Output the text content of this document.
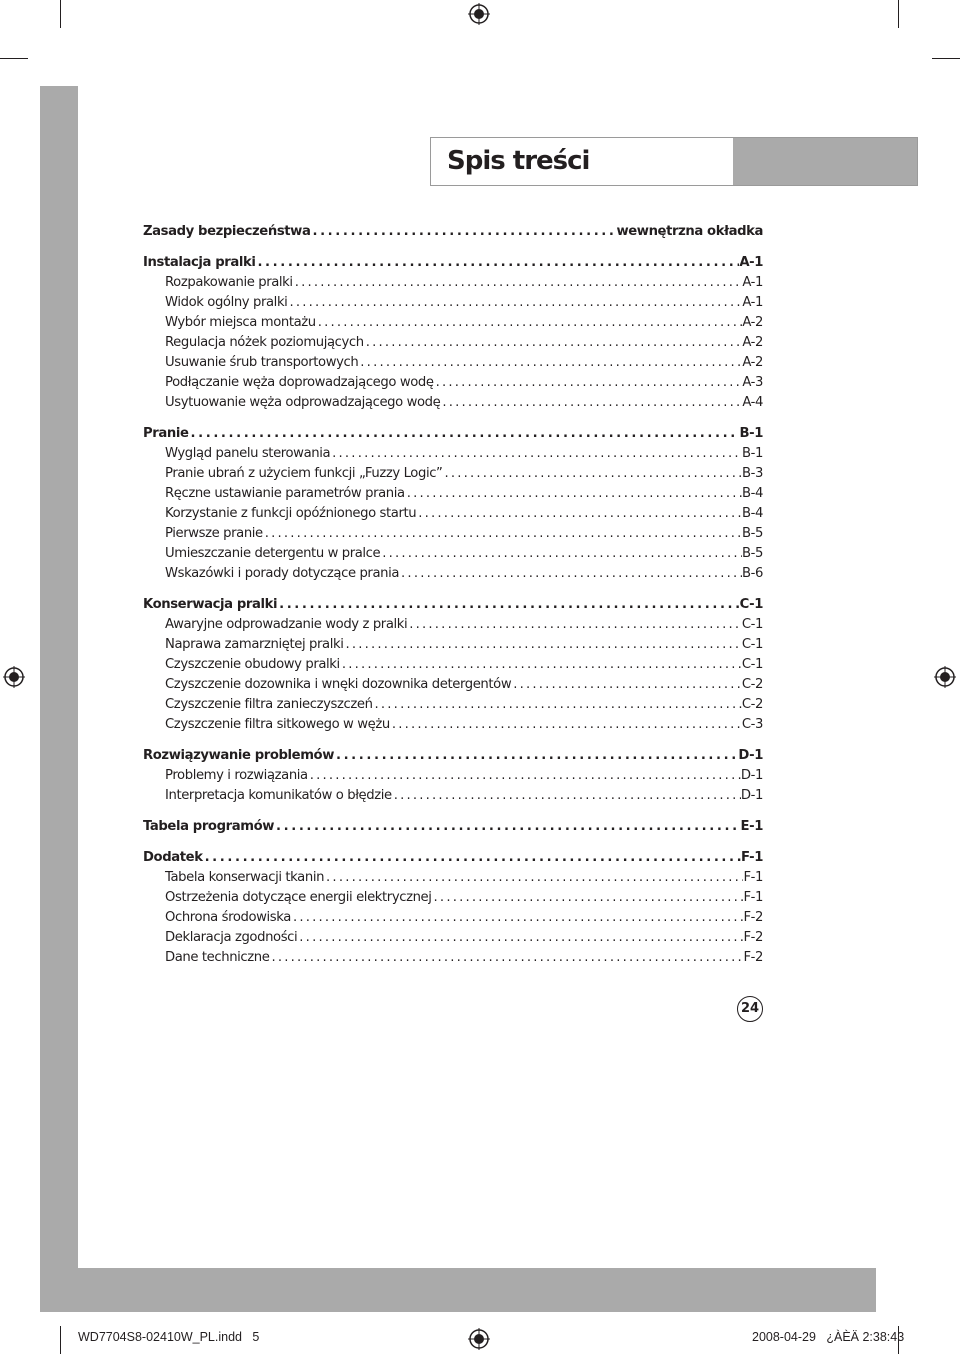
Spis treści
Zasady bezpieczeństwa . . .	wewnętrzna okładka
Instalacja pralki . . .	A-1
Rozpakowanie pralki . . .	A-1
Widok ogólny pralki . . .	A-1
Wybór miejsca montażu . . .	A-2
Regulacja nóżek poziomujących . . .	A-2
Usuwanie śrub transportowych . . .	A-2
Podłączanie węża doprowadzającego wodę . . .	A-3
Usytuowanie węża odprowadzającego wodę . . .	A-4
Pranie . . .	B-1
Wygląd panelu sterowania . . .	B-1
Pranie ubrań z użyciem funkcji „Fuzzy Logic” . . .	B-3
Ręczne ustawianie parametrów prania . . .	B-4
Korzystanie z funkcji opóźnionego startu . . .	B-4
Pierwsze pranie . . .	B-5
Umieszczanie detergentu w pralce . . .	B-5
Wskazówki i porady dotyczące prania . . .	B-6
Konserwacja pralki . . .	C-1
Awaryjne odprowadzanie wody z pralki . . .	C-1
Naprawa zamarzniętej pralki . . .	C-1
Czyszczenie obudowy pralki . . .	C-1
Czyszczenie dozownika i wnęki dozownika detergentów . . .	C-2
Czyszczenie filtra zanieczyszczeń . . .	C-2
Czyszczenie filtra sitkowego w wężu . . .	C-3
Rozwiązywanie problemów . . .	D-1
Problemy i rozwiązania . . .	D-1
Interpretacja komunikatów o błędzie . . .	D-1
Tabela programów . . .	E-1
Dodatek . . .	F-1
Tabela konserwacji tkanin . . .	F-1
Ostrzeżenia dotyczące energii elektrycznej . . .	F-1
Ochrona środowiska . . .	F-2
Deklaracja zgodności . . .	F-2
Dane techniczne . . .	F-2
24
WD7704S8-02410W_PL.indd   5	2008-04-29   ¿ÀÈÄ 2:38:43
